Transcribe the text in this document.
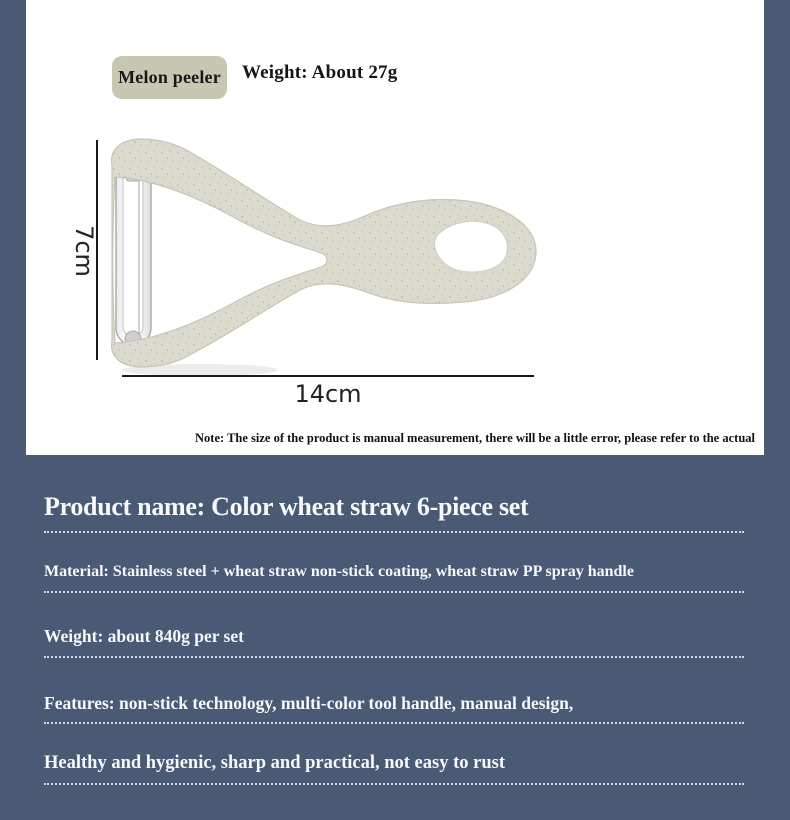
Melon peeler Weight: About 27g
7cm
14cm
Note: The size of the product is manual measurement, there will be a little error, please refer to the actual
Product name: Color wheat straw 6-piece set
Material: Stainless steel + wheat straw non-stick coating, wheat straw PP spray handle
Weight: about 840g per set
Features: non-stick technology, multi-color tool handle, manual design,
Healthy and hygienic, sharp and practical, not easy to rust
